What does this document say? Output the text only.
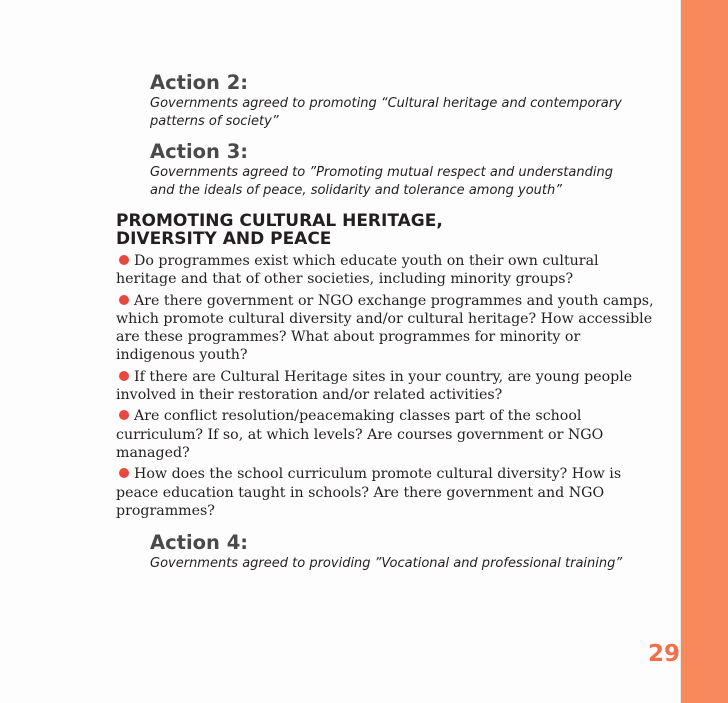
Action 2:

Governments agreed to promoting “Cultural heritage and contemporary patterns of society”

Action 3:

Governments agreed to ”Promoting mutual respect and understanding and the ideals of peace, solidarity and tolerance among youth”

PROMOTING CULTURAL HERITAGE, DIVERSITY AND PEACE

Do programmes exist which educate youth on their own cultural heritage and that of other societies, including minority groups?

Are there government or NGO exchange programmes and youth camps, which promote cultural diversity and/or cultural heritage? How accessible are these programmes? What about programmes for minority or indigenous youth?

If there are Cultural Heritage sites in your country, are young people involved in their restoration and/or related activities?

Are conflict resolution/peacemaking classes part of the school curriculum? If so, at which levels? Are courses government or NGO managed?

How does the school curriculum promote cultural diversity? How is peace education taught in schools? Are there government and NGO programmes?

Action 4:

Governments agreed to providing ”Vocational and professional training”

29
